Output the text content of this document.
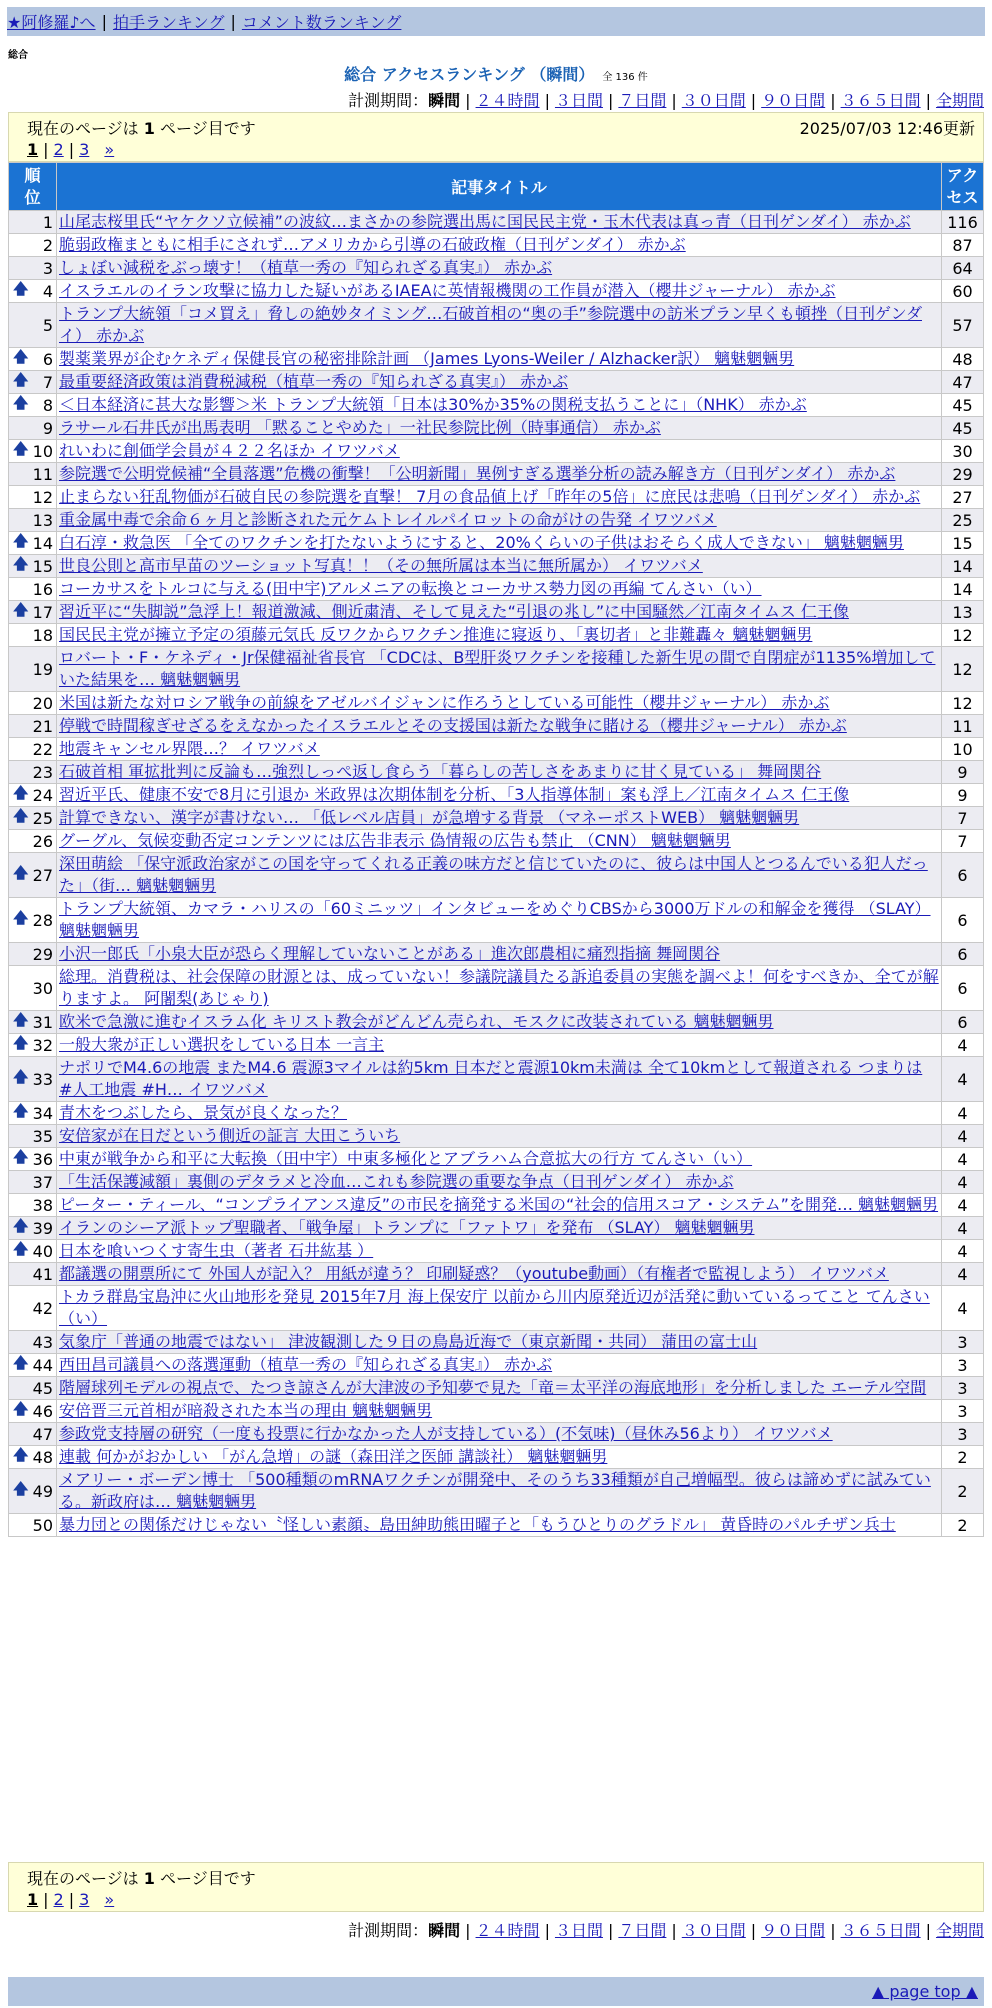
★阿修羅♪へ | 拍手ランキング | コメント数ランキング
総合
総合 アクセスランキング （瞬間） 全 136 件
計測期間：瞬間 | ２４時間 | ３日間 | ７日間 | ３０日間 | ９０日間 | ３６５日間 | 全期間
現在のページは 1 ページ目です	2025/07/03 12:46更新
1 | 2 | 3 »
順位	記事タイトル	アクセス
1	山尾志桜里氏“ヤケクソ立候補”の波紋…まさかの参院選出馬に国民民主党・玉木代表は真っ青（日刊ゲンダイ） 赤かぶ	116
2	脆弱政権まともに相手にされず…アメリカから引導の石破政権（日刊ゲンダイ） 赤かぶ	87
3	しょぼい減税をぶっ壊す！（植草一秀の『知られざる真実』） 赤かぶ	64

🡅 4	イスラエルのイラン攻撃に協力した疑いがあるIAEAに英情報機関の工作員が潜入（櫻井ジャーナル） 赤かぶ	60
5	トランプ大統領「コメ買え」脅しの絶妙タイミング…石破首相の“奥の手”参院選中の訪米プラン早くも頓挫（日刊ゲンダイ） 赤かぶ	57

🡅 6	製薬業界が企むケネディ保健長官の秘密排除計画 （James Lyons-Weiler / Alzhacker訳） 魑魅魍魎男	48

🡅 7	最重要経済政策は消費税減税（植草一秀の『知られざる真実』） 赤かぶ	47

🡅 8	＜日本経済に甚大な影響＞米 トランプ大統領「日本は30%か35%の関税支払うことに」（NHK） 赤かぶ	45
9	ラサール石井氏が出馬表明 「黙ることやめた」一社民参院比例（時事通信） 赤かぶ	45

🡅 10	れいわに創価学会員が４２２名ほか イワツバメ	30
11	参院選で公明党候補“全員落選”危機の衝撃！「公明新聞」異例すぎる選挙分析の読み解き方（日刊ゲンダイ） 赤かぶ	29
12	止まらない狂乱物価が石破自民の参院選を直撃！ 7月の食品値上げ「昨年の5倍」に庶民は悲鳴（日刊ゲンダイ） 赤かぶ	27
13	重金属中毒で余命６ヶ月と診断された元ケムトレイルパイロットの命がけの告発 イワツバメ	25

🡅 14	白石淳・救急医 「全てのワクチンを打たないようにすると、20%くらいの子供はおそらく成人できない」 魑魅魍魎男	15

🡅 15	世良公則と高市早苗のツーショット写真！！（その無所属は本当に無所属か） イワツバメ	14
16	コーカサスをトルコに与える(田中宇)アルメニアの転換とコーカサス勢力図の再編 てんさい（い）	14

🡅 17	習近平に“失脚説”急浮上！報道激減、側近粛清、そして見えた“引退の兆し”に中国騒然／江南タイムス 仁王像	13
18	国民民主党が擁立予定の須藤元気氏 反ワクからワクチン推進に寝返り、「裏切者」と非難轟々 魑魅魍魎男	12
19	ロバート・F・ケネディ・Jr保健福祉省長官 「CDCは、B型肝炎ワクチンを接種した新生児の間で自閉症が1135%増加していた結果を… 魑魅魍魎男	12
20	米国は新たな対ロシア戦争の前線をアゼルバイジャンに作ろうとしている可能性（櫻井ジャーナル） 赤かぶ	12
21	停戦で時間稼ぎせざるをえなかったイスラエルとその支援国は新たな戦争に賭ける（櫻井ジャーナル） 赤かぶ	11
22	地震キャンセル界隈…？ イワツバメ	10
23	石破首相 軍拡批判に反論も…強烈しっぺ返し食らう「暮らしの苦しさをあまりに甘く見ている」 舞岡関谷	9

🡅 24	習近平氏、健康不安で8月に引退か 米政界は次期体制を分析、「3人指導体制」案も浮上／江南タイムス 仁王像	9

🡅 25	計算できない、漢字が書けない… 「低レベル店員」が急増する背景 （マネーポストWEB） 魑魅魍魎男	7
26	グーグル、気候変動否定コンテンツには広告非表示 偽情報の広告も禁止 （CNN） 魑魅魍魎男	7

🡅 27	深田萌絵 「保守派政治家がこの国を守ってくれる正義の味方だと信じていたのに、彼らは中国人とつるんでいる犯人だった」（街… 魑魅魍魎男	6

🡅 28	トランプ大統領、カマラ・ハリスの「60ミニッツ」インタビューをめぐりCBSから3000万ドルの和解金を獲得 （SLAY） 魑魅魍魎男	6
29	小沢一郎氏「小泉大臣が恐らく理解していないことがある」進次郎農相に痛烈指摘 舞岡関谷	6
30	総理。消費税は、社会保障の財源とは、成っていない！参議院議員たる訴追委員の実態を調べよ！何をすべきか、全てが解りますよ。 阿闍梨(あじゃり)	6

🡅 31	欧米で急激に進むイスラム化 キリスト教会がどんどん売られ、モスクに改装されている 魑魅魍魎男	6

🡅 32	一般大衆が正しい選択をしている日本 一言主	4

🡅 33	ナポリでM4.6の地震 またM4.6 震源3マイルは約5km 日本だと震源10km未満は 全て10kmとして報道される つまりは #人工地震 #H… イワツバメ	4

🡅 34	青木をつぶしたら、景気が良くなった？	4
35	安倍家が在日だという側近の証言 大田こういち	4

🡅 36	中東が戦争から和平に大転換（田中宇）中東多極化とアブラハム合意拡大の行方 てんさい（い）	4
37	「生活保護減額」裏側のデタラメと冷血…これも参院選の重要な争点（日刊ゲンダイ） 赤かぶ	4
38	ピーター・ティール、“コンプライアンス違反”の市民を摘発する米国の“社会的信用スコア・システム”を開発… 魑魅魍魎男	4

🡅 39	イランのシーア派トップ聖職者、「戦争屋」トランプに「ファトワ」を発布 （SLAY） 魑魅魍魎男	4

🡅 40	日本を喰いつくす寄生虫（著者 石井紘基 ）	4
41	都議選の開票所にて 外国人が記入？ 用紙が違う？ 印刷疑惑？（youtube動画）（有権者で監視しよう） イワツバメ	4
42	トカラ群島宝島沖に火山地形を発見 2015年7月 海上保安庁 以前から川内原発近辺が活発に動いているってこと てんさい（い）	4
43	気象庁「普通の地震ではない」 津波観測した９日の鳥島近海で（東京新聞・共同） 蒲田の富士山	3

🡅 44	西田昌司議員への落選運動（植草一秀の『知られざる真実』） 赤かぶ	3
45	階層球列モデルの視点で、たつき諒さんが大津波の予知夢で見た「竜＝太平洋の海底地形」を分析しました エーテル空間	3

🡅 46	安倍晋三元首相が暗殺された本当の理由 魑魅魍魎男	3
47	参政党支持層の研究（一度も投票に行かなかった人が支持している）(不気味)（昼休み56より） イワツバメ	3

🡅 48	連載 何かがおかしい 「がん急増」の謎（森田洋之医師 講談社） 魑魅魍魎男	2

🡅 49	メアリー・ボーデン博士 「500種類のmRNAワクチンが開発中、そのうち33種類が自己増幅型。彼らは諦めずに試みている。新政府は… 魑魅魍魎男	2
50	暴力団との関係だけじゃない〝怪しい素顔〟島田紳助熊田曜子と「もうひとりのグラドル」 黄昏時のパルチザン兵士	2
現在のページは 1 ページ目です
1 | 2 | 3 »
計測期間：瞬間 | ２４時間 | ３日間 | ７日間 | ３０日間 | ９０日間 | ３６５日間 | 全期間
▲ page top ▲
